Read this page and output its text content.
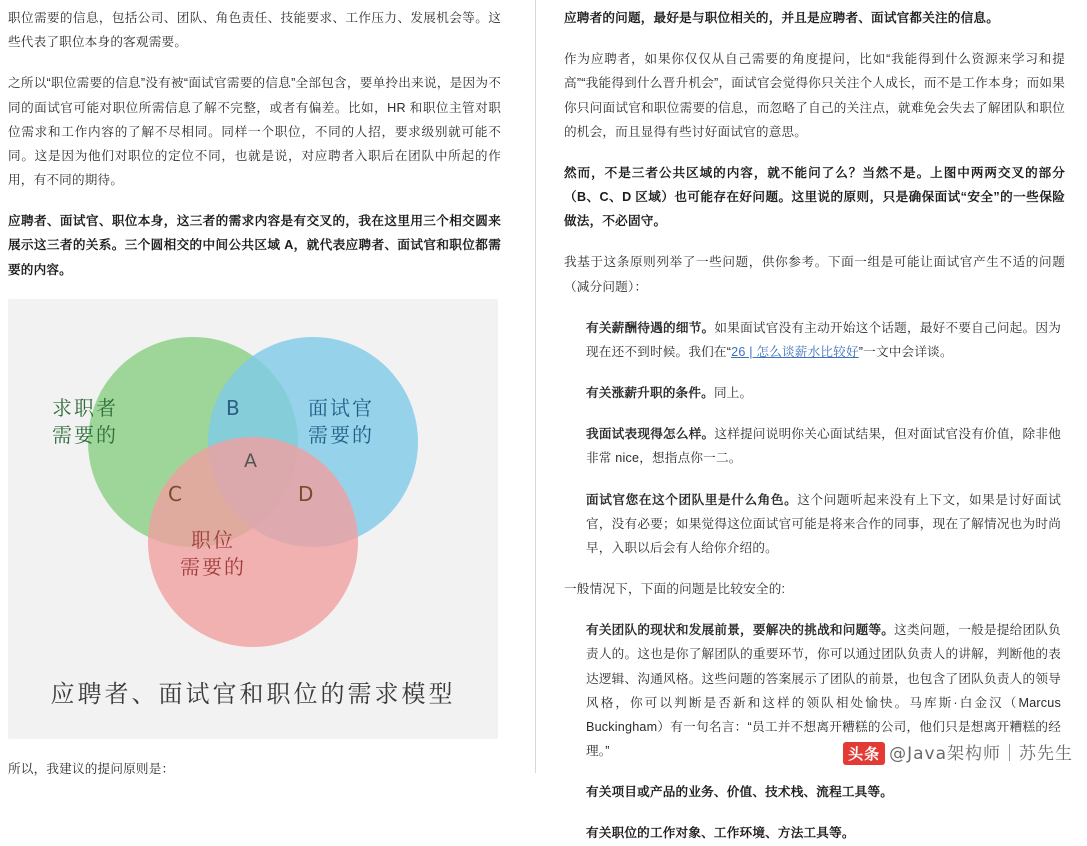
职位需要的信息，包括公司、团队、角色责任、技能要求、工作压力、发展机会等。这些代表了职位本身的客观需要。

之所以“职位需要的信息”没有被“面试官需要的信息”全部包含，要单拎出来说，是因为不同的面试官可能对职位所需信息了解不完整，或者有偏差。比如，HR 和职位主管对职位需求和工作内容的了解不尽相同。同样一个职位，不同的人招，要求级别就可能不同。这是因为他们对职位的定位不同，也就是说，对应聘者入职后在团队中所起的作用，有不同的期待。

应聘者、面试官、职位本身，这三者的需求内容是有交叉的，我在这里用三个相交圆来展示这三者的关系。三个圆相交的中间公共区域 A，就代表应聘者、面试官和职位都需要的内容。

求职者
需要的
面试官
需要的
职位
需要的
A
B
C	D
应聘者、面试官和职位的需求模型

所以，我建议的提问原则是：

应聘者的问题，最好是与职位相关的，并且是应聘者、面试官都关注的信息。

作为应聘者，如果你仅仅从自己需要的角度提问，比如“我能得到什么资源来学习和提高”“我能得到什么晋升机会”，面试官会觉得你只关注个人成长，而不是工作本身；而如果你只问面试官和职位需要的信息，而忽略了自己的关注点，就难免会失去了解团队和职位的机会，而且显得有些讨好面试官的意思。

然而，不是三者公共区域的内容，就不能问了么？当然不是。上图中两两交叉的部分（B、C、D 区域）也可能存在好问题。这里说的原则，只是确保面试“安全”的一些保险做法，不必固守。

我基于这条原则列举了一些问题，供你参考。下面一组是可能让面试官产生不适的问题（减分问题）：

有关薪酬待遇的细节。如果面试官没有主动开始这个话题，最好不要自己问起。因为现在还不到时候。我们在“26 | 怎么谈薪水比较好”一文中会详谈。

有关涨薪升职的条件。同上。

我面试表现得怎么样。这样提问说明你关心面试结果，但对面试官没有价值，除非他非常 nice，想指点你一二。

面试官您在这个团队里是什么角色。这个问题听起来没有上下文，如果是讨好面试官，没有必要；如果觉得这位面试官可能是将来合作的同事，现在了解情况也为时尚早，入职以后会有人给你介绍的。

一般情况下，下面的问题是比较安全的:

有关团队的现状和发展前景，要解决的挑战和问题等。这类问题，一般是提给团队负责人的。这也是你了解团队的重要环节，你可以通过团队负责人的讲解，判断他的表达逻辑、沟通风格。这些问题的答案展示了团队的前景，也包含了团队负责人的领导风格，你可以判断是否新和这样的领队相处愉快。马库斯·白金汉（Marcus Buckingham）有一句名言：“员工并不想离开糟糕的公司，他们只是想离开糟糕的经理。”

有关项目或产品的业务、价值、技术栈、流程工具等。

有关职位的工作对象、工作环境、方法工具等。

头条 @Java架构师｜苏先生
